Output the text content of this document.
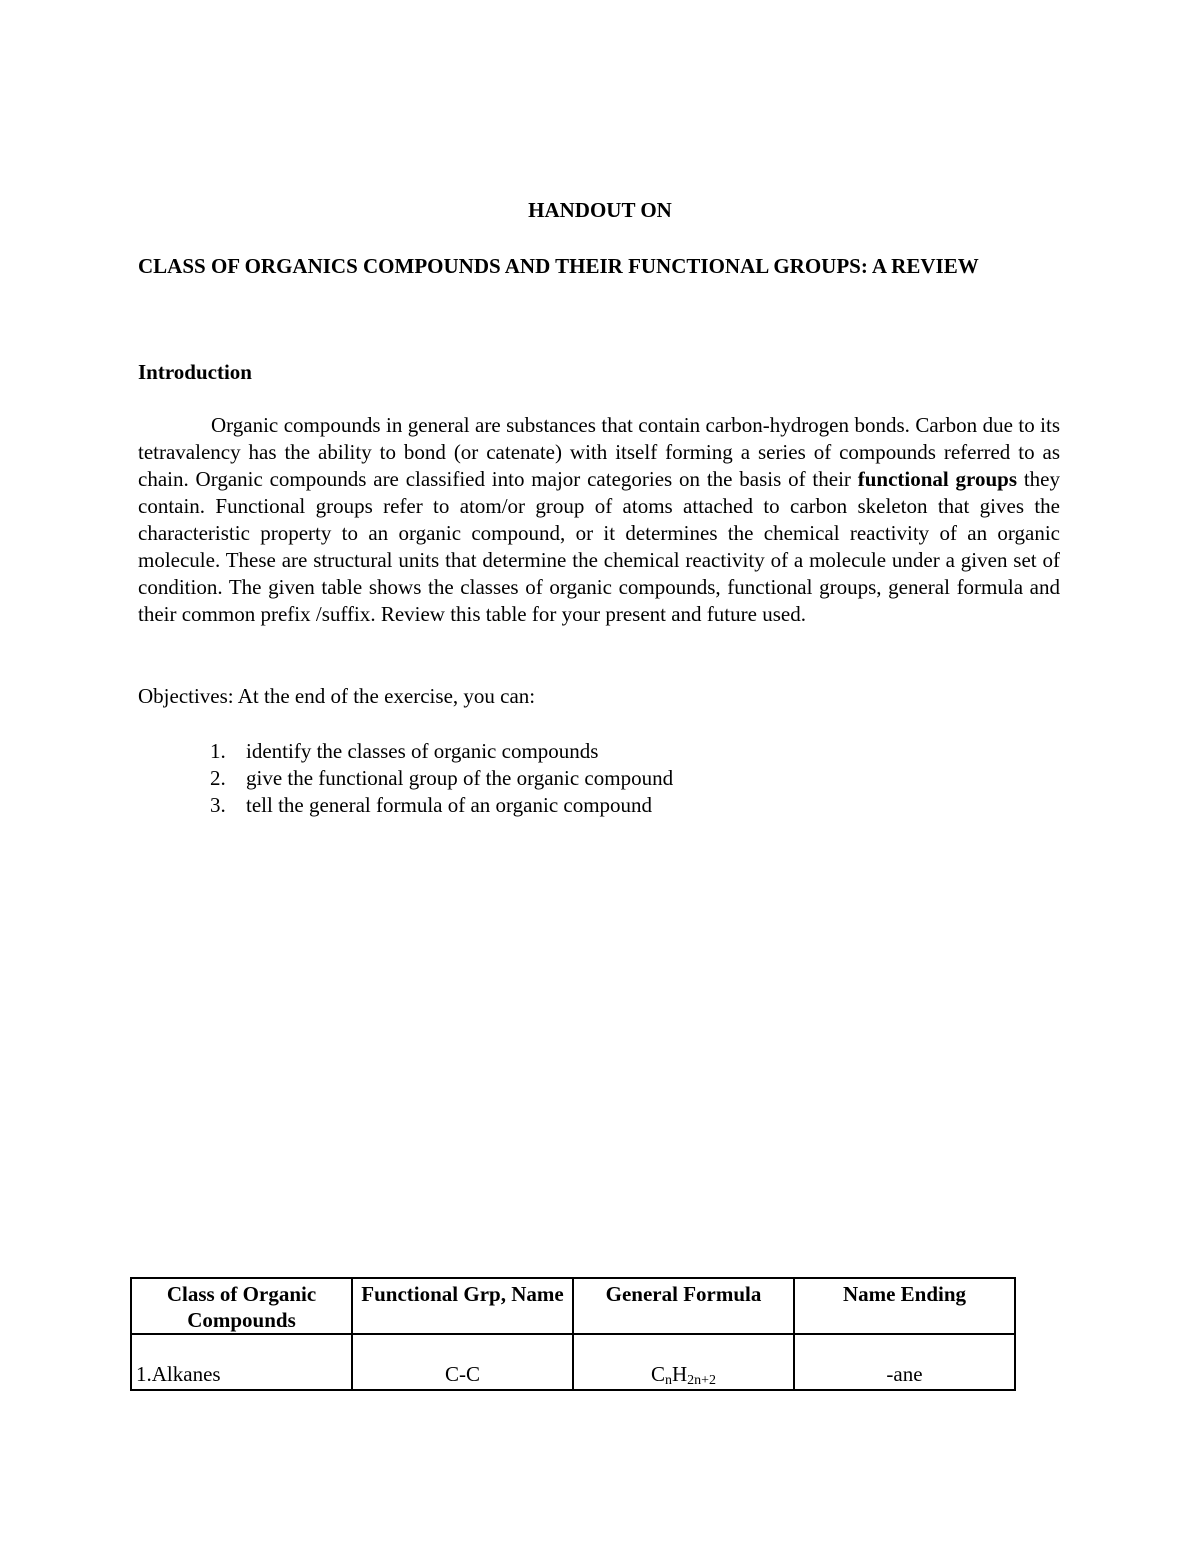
HANDOUT ON
CLASS OF ORGANICS COMPOUNDS AND THEIR FUNCTIONAL GROUPS: A REVIEW
Introduction

Organic compounds in general are substances that contain carbon-hydrogen bonds. Carbon due to its tetravalency has the ability to bond (or catenate) with itself forming a series of compounds referred to as chain. Organic compounds are classified into major categories on the basis of their functional groups they contain. Functional groups refer to atom/or group of atoms attached to carbon skeleton that gives the characteristic property to an organic compound, or it determines the chemical reactivity of an organic molecule. These are structural units that determine the chemical reactivity of a molecule under a given set of condition. The given table shows the classes of organic compounds, functional groups, general formula and their common prefix /suffix. Review this table for your present and future used.

Objectives: At the end of the exercise, you can:
1. identify the classes of organic compounds
2. give the functional group of the organic compound
3. tell the general formula of an organic compound
Class of Organic Compounds	Functional Grp, Name	General Formula	Name Ending
1.Alkanes	C-C	$C_nH_{2n+2}$	-ane
